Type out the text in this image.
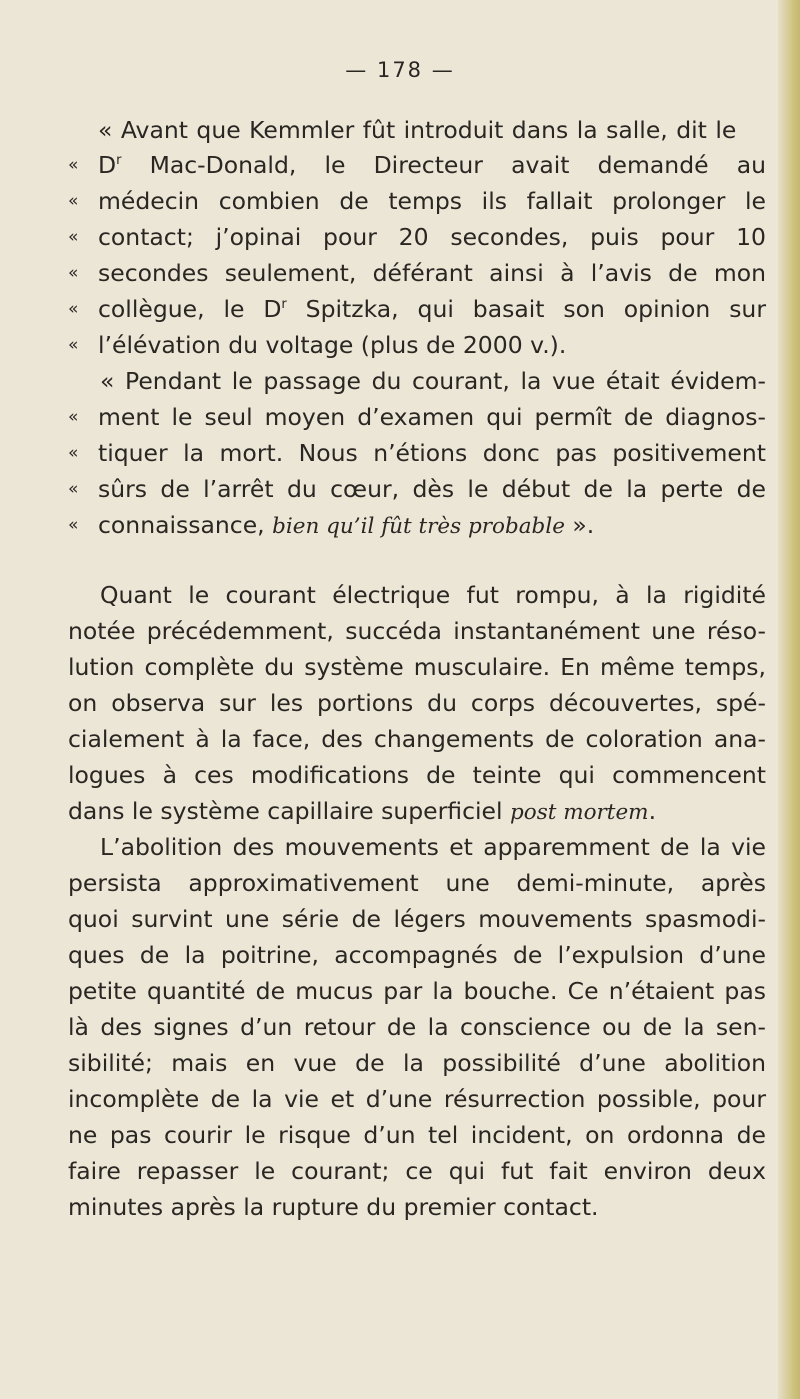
— 178 —

« Avant que Kemmler fût introduit dans la salle, dit le

« $D^r$ Mac-Donald, le Directeur avait demandé au

« médecin combien de temps ils fallait prolonger le

« contact; j’opinai pour 20 secondes, puis pour 10

« secondes seulement, déférant ainsi à l’avis de mon

« collègue, le $D^r$ Spitzka, qui basait son opinion sur

« l’élévation du voltage (plus de 2000 v.).

« Pendant le passage du courant, la vue était évidem-

« ment le seul moyen d’examen qui permît de diagnos-

« tiquer la mort. Nous n’étions donc pas positivement

« sûrs de l’arrêt du cœur, dès le début de la perte de

« connaissance, bien qu’il fût très probable ».

Quant le courant électrique fut rompu, à la rigidité

notée précédemment, succéda instantanément une réso-

lution complète du système musculaire. En même temps,

on observa sur les portions du corps découvertes, spé-

cialement à la face, des changements de coloration ana-

logues à ces modifications de teinte qui commencent

dans le système capillaire superficiel post mortem.

L’abolition des mouvements et apparemment de la vie

persista approximativement une demi-minute, après

quoi survint une série de légers mouvements spasmodi-

ques de la poitrine, accompagnés de l’expulsion d’une

petite quantité de mucus par la bouche. Ce n’étaient pas

là des signes d’un retour de la conscience ou de la sen-

sibilité; mais en vue de la possibilité d’une abolition

incomplète de la vie et d’une résurrection possible, pour

ne pas courir le risque d’un tel incident, on ordonna de

faire repasser le courant; ce qui fut fait environ deux

minutes après la rupture du premier contact.
